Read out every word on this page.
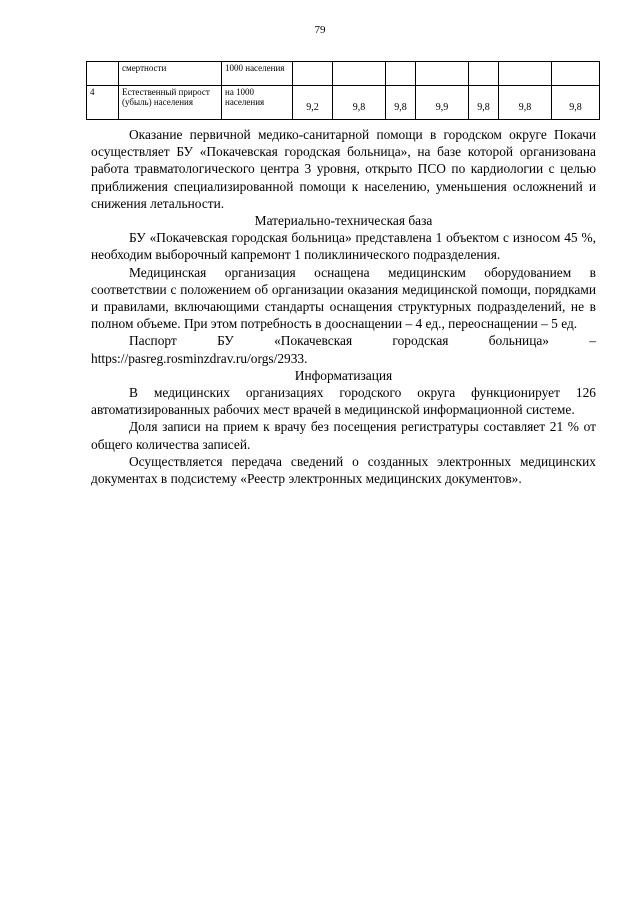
79
	смертности	1000 населения							
4	Естественный прирост (убыль) населения	на 1000 населения	9,2	9,8	9,8	9,9	9,8	9,8	9,8

Оказание первичной медико-санитарной помощи в городском округе Покачи осуществляет БУ «Покачевская городская больница», на базе которой организована работа травматологического центра 3 уровня, открыто ПСО по кардиологии с целью приближения специализированной помощи к населению, уменьшения осложнений и снижения летальности.

Материально-техническая база

БУ «Покачевская городская больница» представлена 1 объектом с износом 45 %, необходим выборочный капремонт 1 поликлинического подразделения.

Медицинская организация оснащена медицинским оборудованием в соответствии с положением об организации оказания медицинской помощи, порядками и правилами, включающими стандарты оснащения структурных подразделений, не в полном объеме. При этом потребность в дооснащении – 4 ед., переоснащении – 5 ед.

Паспорт БУ «Покачевская городская больница» – https://pasreg.rosminzdrav.ru/orgs/2933.

Информатизация

В медицинских организациях городского округа функционирует 126 автоматизированных рабочих мест врачей в медицинской информационной системе.

Доля записи на прием к врачу без посещения регистратуры составляет 21 % от общего количества записей.

Осуществляется передача сведений о созданных электронных медицинских документах в подсистему «Реестр электронных медицинских документов».
